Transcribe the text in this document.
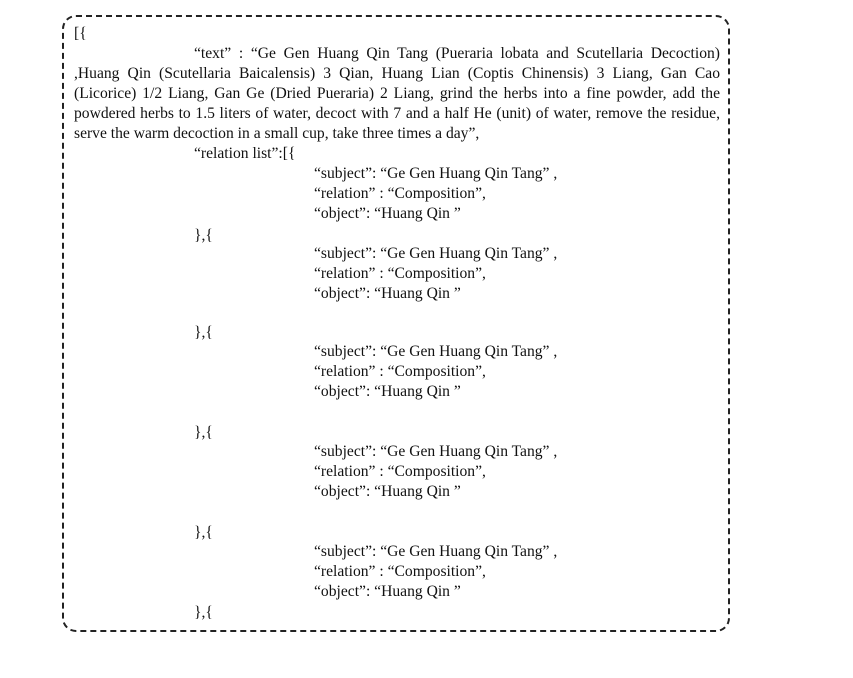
[{
“text” : “Ge Gen Huang Qin Tang (Pueraria lobata and Scutellaria Decoction) ,Huang Qin (Scutellaria Baicalensis) 3 Qian, Huang Lian (Coptis Chinensis) 3 Liang, Gan Cao (Licorice) 1/2 Liang, Gan Ge (Dried Pueraria) 2 Liang, grind the herbs into a fine powder, add the powdered herbs to 1.5 liters of water, decoct with 7 and a half He (unit) of water, remove the residue, serve the warm decoction in a small cup, take three times a day”,
“relation list”:[{
“subject”: “Ge Gen Huang Qin Tang” ,
“relation” : “Composition”,
“object”: “Huang Qin ”
},{
“subject”: “Ge Gen Huang Qin Tang” ,
“relation” : “Composition”,
“object”: “Huang Qin ”
},{
“subject”: “Ge Gen Huang Qin Tang” ,
“relation” : “Composition”,
“object”: “Huang Qin ”
},{
“subject”: “Ge Gen Huang Qin Tang” ,
“relation” : “Composition”,
“object”: “Huang Qin ”
},{
“subject”: “Ge Gen Huang Qin Tang” ,
“relation” : “Composition”,
“object”: “Huang Qin ”
},{
